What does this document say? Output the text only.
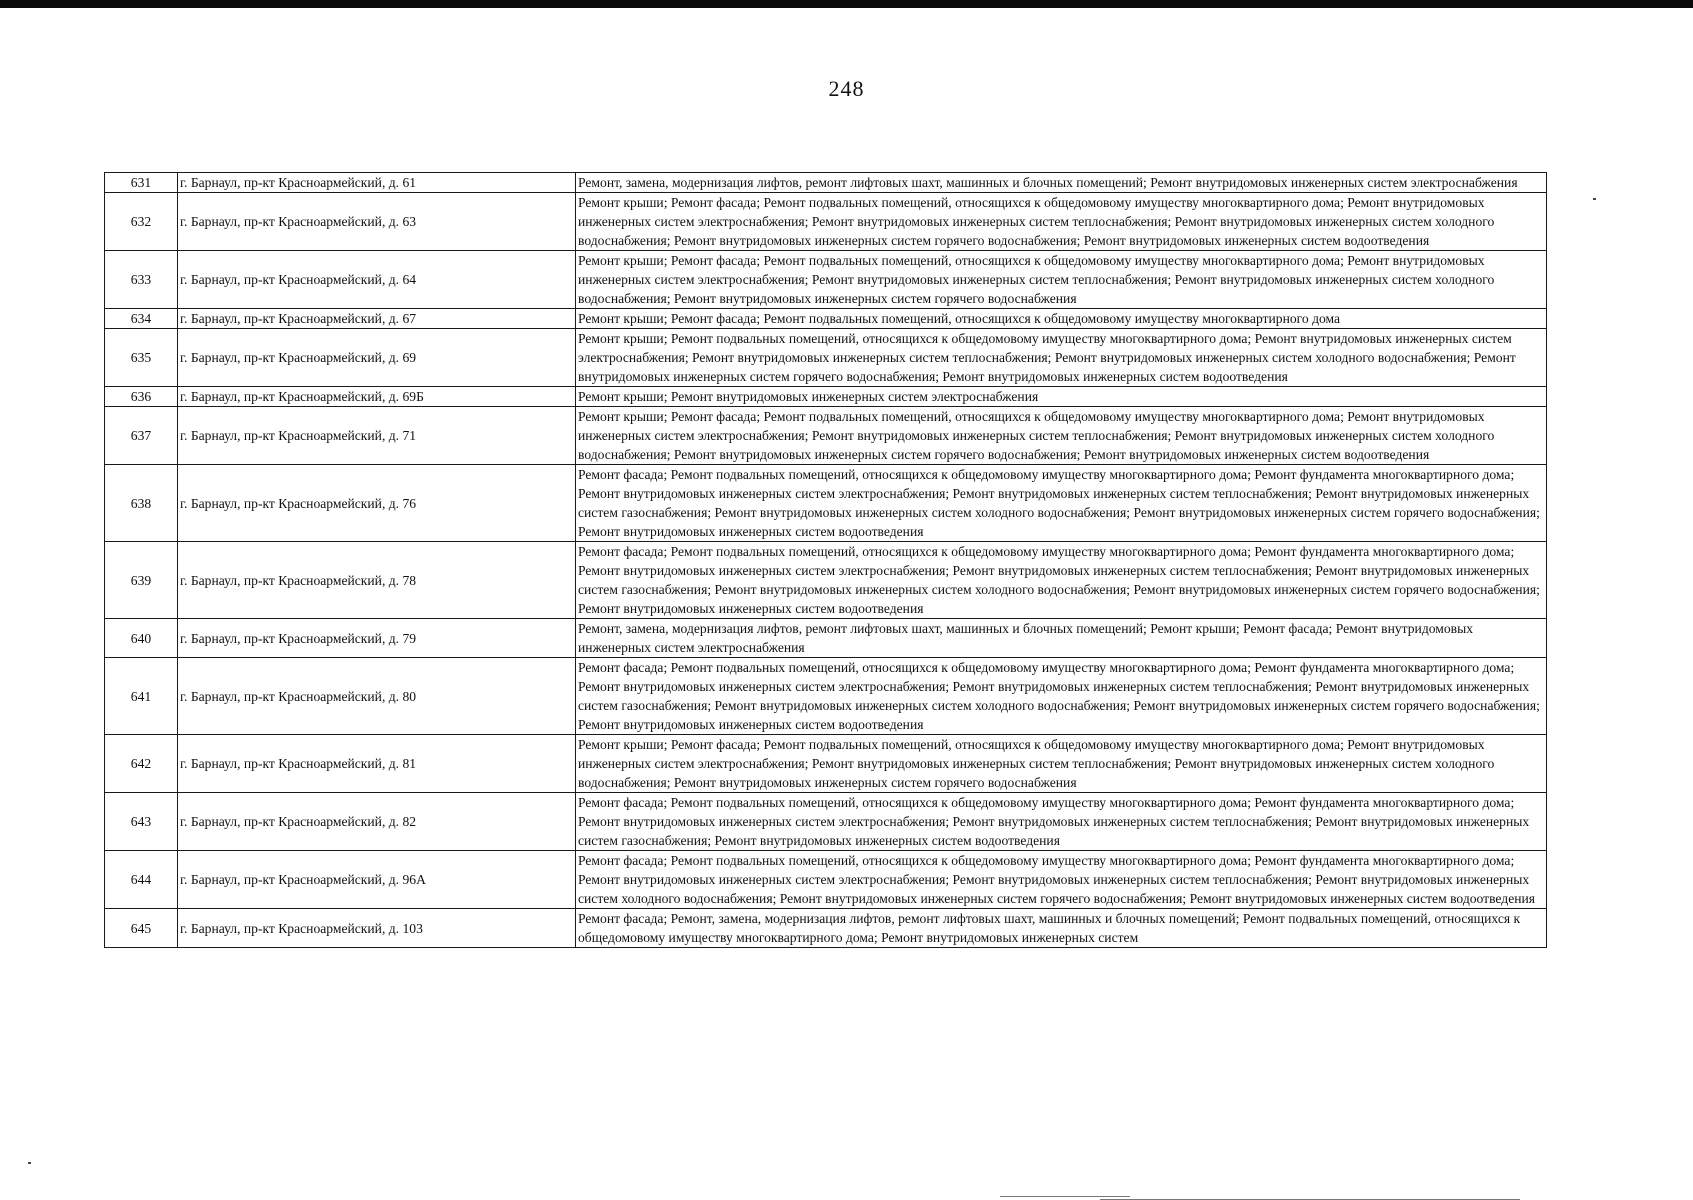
248
631	г. Барнаул, пр-кт Красноармейский, д. 61	Ремонт, замена, модернизация лифтов, ремонт лифтовых шахт, машинных и блочных помещений; Ремонт внутридомовых инженерных систем электроснабжения
632	г. Барнаул, пр-кт Красноармейский, д. 63	Ремонт крыши; Ремонт фасада; Ремонт подвальных помещений, относящихся к общедомовому имуществу многоквартирного дома; Ремонт внутридомовых инженерных систем электроснабжения; Ремонт внутридомовых инженерных систем теплоснабжения; Ремонт внутридомовых инженерных систем холодного водоснабжения; Ремонт внутридомовых инженерных систем горячего водоснабжения; Ремонт внутридомовых инженерных систем водоотведения
633	г. Барнаул, пр-кт Красноармейский, д. 64	Ремонт крыши; Ремонт фасада; Ремонт подвальных помещений, относящихся к общедомовому имуществу многоквартирного дома; Ремонт внутридомовых инженерных систем электроснабжения; Ремонт внутридомовых инженерных систем теплоснабжения; Ремонт внутридомовых инженерных систем холодного водоснабжения; Ремонт внутридомовых инженерных систем горячего водоснабжения
634	г. Барнаул, пр-кт Красноармейский, д. 67	Ремонт крыши; Ремонт фасада; Ремонт подвальных помещений, относящихся к общедомовому имуществу многоквартирного дома
635	г. Барнаул, пр-кт Красноармейский, д. 69	Ремонт крыши; Ремонт подвальных помещений, относящихся к общедомовому имуществу многоквартирного дома; Ремонт внутридомовых инженерных систем электроснабжения; Ремонт внутридомовых инженерных систем теплоснабжения; Ремонт внутридомовых инженерных систем холодного водоснабжения; Ремонт внутридомовых инженерных систем горячего водоснабжения; Ремонт внутридомовых инженерных систем водоотведения
636	г. Барнаул, пр-кт Красноармейский, д. 69Б	Ремонт крыши; Ремонт внутридомовых инженерных систем электроснабжения
637	г. Барнаул, пр-кт Красноармейский, д. 71	Ремонт крыши; Ремонт фасада; Ремонт подвальных помещений, относящихся к общедомовому имуществу многоквартирного дома; Ремонт внутридомовых инженерных систем электроснабжения; Ремонт внутридомовых инженерных систем теплоснабжения; Ремонт внутридомовых инженерных систем холодного водоснабжения; Ремонт внутридомовых инженерных систем горячего водоснабжения; Ремонт внутридомовых инженерных систем водоотведения
638	г. Барнаул, пр-кт Красноармейский, д. 76	Ремонт фасада; Ремонт подвальных помещений, относящихся к общедомовому имуществу многоквартирного дома; Ремонт фундамента многоквартирного дома; Ремонт внутридомовых инженерных систем электроснабжения; Ремонт внутридомовых инженерных систем теплоснабжения; Ремонт внутридомовых инженерных систем газоснабжения; Ремонт внутридомовых инженерных систем холодного водоснабжения; Ремонт внутридомовых инженерных систем горячего водоснабжения; Ремонт внутридомовых инженерных систем водоотведения
639	г. Барнаул, пр-кт Красноармейский, д. 78	Ремонт фасада; Ремонт подвальных помещений, относящихся к общедомовому имуществу многоквартирного дома; Ремонт фундамента многоквартирного дома; Ремонт внутридомовых инженерных систем электроснабжения; Ремонт внутридомовых инженерных систем теплоснабжения; Ремонт внутридомовых инженерных систем газоснабжения; Ремонт внутридомовых инженерных систем холодного водоснабжения; Ремонт внутридомовых инженерных систем горячего водоснабжения; Ремонт внутридомовых инженерных систем водоотведения
640	г. Барнаул, пр-кт Красноармейский, д. 79	Ремонт, замена, модернизация лифтов, ремонт лифтовых шахт, машинных и блочных помещений; Ремонт крыши; Ремонт фасада; Ремонт внутридомовых инженерных систем электроснабжения
641	г. Барнаул, пр-кт Красноармейский, д. 80	Ремонт фасада; Ремонт подвальных помещений, относящихся к общедомовому имуществу многоквартирного дома; Ремонт фундамента многоквартирного дома; Ремонт внутридомовых инженерных систем электроснабжения; Ремонт внутридомовых инженерных систем теплоснабжения; Ремонт внутридомовых инженерных систем газоснабжения; Ремонт внутридомовых инженерных систем холодного водоснабжения; Ремонт внутридомовых инженерных систем горячего водоснабжения; Ремонт внутридомовых инженерных систем водоотведения
642	г. Барнаул, пр-кт Красноармейский, д. 81	Ремонт крыши; Ремонт фасада; Ремонт подвальных помещений, относящихся к общедомовому имуществу многоквартирного дома; Ремонт внутридомовых инженерных систем электроснабжения; Ремонт внутридомовых инженерных систем теплоснабжения; Ремонт внутридомовых инженерных систем холодного водоснабжения; Ремонт внутридомовых инженерных систем горячего водоснабжения
643	г. Барнаул, пр-кт Красноармейский, д. 82	Ремонт фасада; Ремонт подвальных помещений, относящихся к общедомовому имуществу многоквартирного дома; Ремонт фундамента многоквартирного дома; Ремонт внутридомовых инженерных систем электроснабжения; Ремонт внутридомовых инженерных систем теплоснабжения; Ремонт внутридомовых инженерных систем газоснабжения; Ремонт внутридомовых инженерных систем водоотведения
644	г. Барнаул, пр-кт Красноармейский, д. 96А	Ремонт фасада; Ремонт подвальных помещений, относящихся к общедомовому имуществу многоквартирного дома; Ремонт фундамента многоквартирного дома; Ремонт внутридомовых инженерных систем электроснабжения; Ремонт внутридомовых инженерных систем теплоснабжения; Ремонт внутридомовых инженерных систем холодного водоснабжения; Ремонт внутридомовых инженерных систем горячего водоснабжения; Ремонт внутридомовых инженерных систем водоотведения
645	г. Барнаул, пр-кт Красноармейский, д. 103	Ремонт фасада; Ремонт, замена, модернизация лифтов, ремонт лифтовых шахт, машинных и блочных помещений; Ремонт подвальных помещений, относящихся к общедомовому имуществу многоквартирного дома; Ремонт внутридомовых инженерных систем
